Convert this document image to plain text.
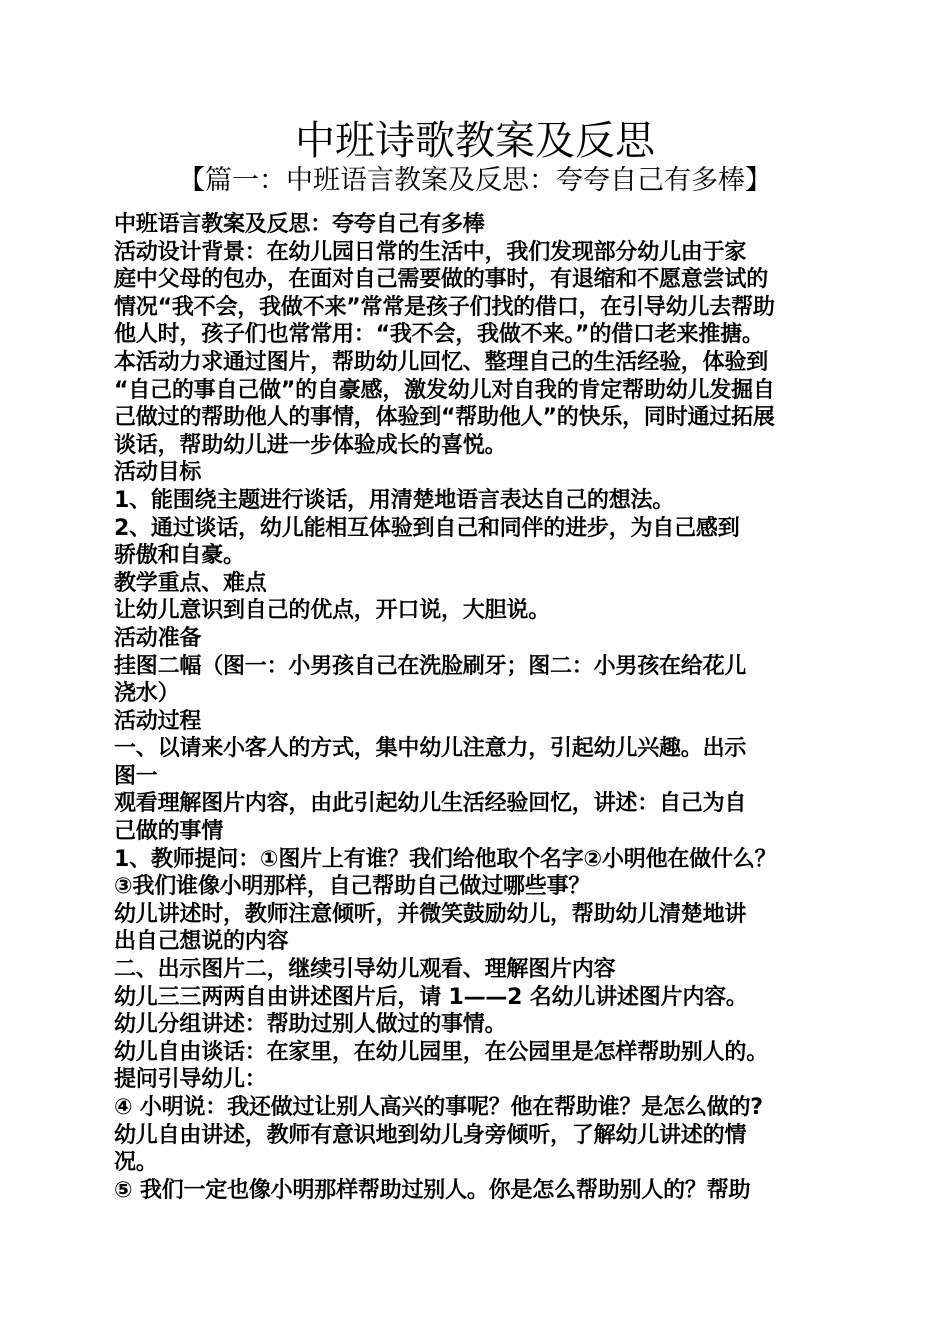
中班诗歌教案及反思
【篇一：中班语言教案及反思：夸夸自己有多棒】
中班语言教案及反思：夸夸自己有多棒
活动设计背景：在幼儿园日常的生活中，我们发现部分幼儿由于家
庭中父母的包办，在面对自己需要做的事时，有退缩和不愿意尝试的
情况“我不会，我做不来”常常是孩子们找的借口，在引导幼儿去帮助
他人时，孩子们也常常用：“我不会，我做不来。”的借口老来推搪。
本活动力求通过图片，帮助幼儿回忆、整理自己的生活经验，体验到
“自己的事自己做”的自豪感，激发幼儿对自我的肯定帮助幼儿发掘自
己做过的帮助他人的事情，体验到“帮助他人”的快乐，同时通过拓展
谈话，帮助幼儿进一步体验成长的喜悦。
活动目标
1、能围绕主题进行谈话，用清楚地语言表达自己的想法。
2、通过谈话，幼儿能相互体验到自己和同伴的进步，为自己感到
骄傲和自豪。
教学重点、难点
让幼儿意识到自己的优点，开口说，大胆说。
活动准备
挂图二幅（图一：小男孩自己在洗脸刷牙；图二：小男孩在给花儿
浇水）
活动过程
一、以请来小客人的方式，集中幼儿注意力，引起幼儿兴趣。出示
图一
观看理解图片内容，由此引起幼儿生活经验回忆，讲述：自己为自
己做的事情
1、教师提问：①图片上有谁？我们给他取个名字②小明他在做什么？
③我们谁像小明那样，自己帮助自己做过哪些事？
幼儿讲述时，教师注意倾听，并微笑鼓励幼儿，帮助幼儿清楚地讲
出自己想说的内容
二、出示图片二，继续引导幼儿观看、理解图片内容
幼儿三三两两自由讲述图片后，请 1——2 名幼儿讲述图片内容。
幼儿分组讲述：帮助过别人做过的事情。
幼儿自由谈话：在家里，在幼儿园里，在公园里是怎样帮助别人的。
提问引导幼儿：
④ 小明说：我还做过让别人高兴的事呢？他在帮助谁？是怎么做的?
幼儿自由讲述，教师有意识地到幼儿身旁倾听，了解幼儿讲述的情
况。
⑤ 我们一定也像小明那样帮助过别人。你是怎么帮助别人的？帮助
